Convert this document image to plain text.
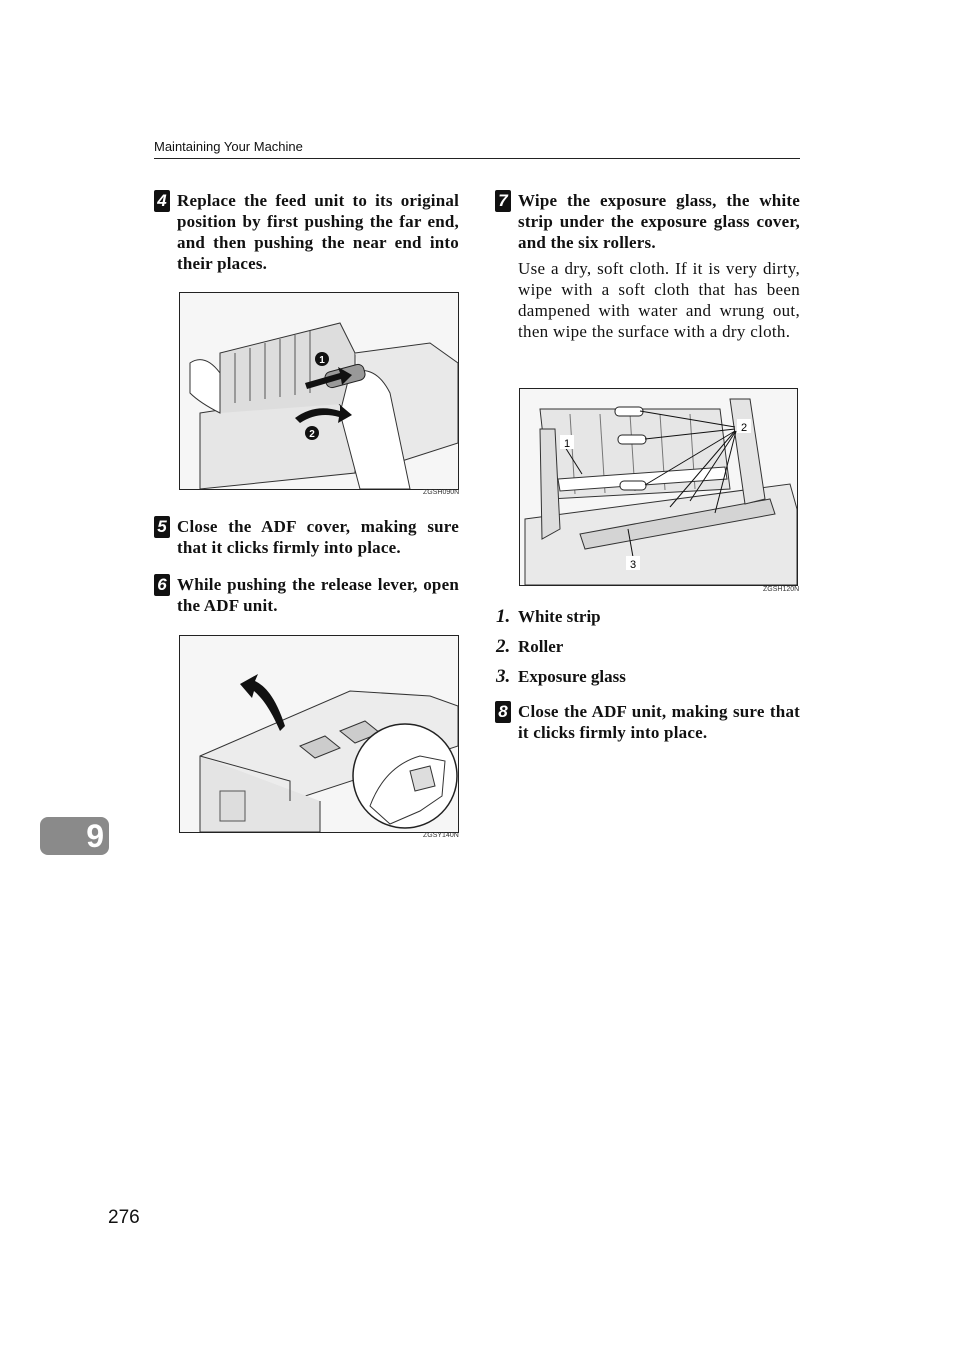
Maintaining Your Machine
4 Replace the feed unit to its original position by first pushing the far end, and then pushing the near end into their places.
1
2
ZGSH090N
5 Close the ADF cover, making sure that it clicks firmly into place.
6 While pushing the release lever, open the ADF unit.
ZGSY140N
7 Wipe the exposure glass, the white strip under the exposure glass cover, and the six rollers.
Use a dry, soft cloth. If it is very dirty, wipe with a soft cloth that has been dampened with water and wrung out, then wipe the surface with a dry cloth.
1
2
3
ZGSH120N
1. White strip
2. Roller
3. Exposure glass
8 Close the ADF unit, making sure that it clicks firmly into place.
9
276
